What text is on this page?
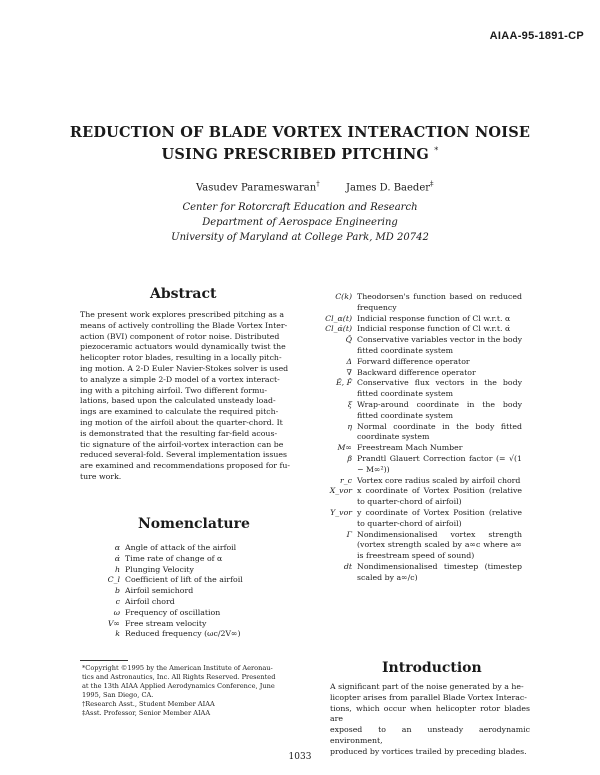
AIAA-95-1891-CP
REDUCTION OF BLADE VORTEX INTERACTION NOISE
USING PRESCRIBED PITCHING *
Vasudev Parameswaran†	James D. Baeder‡
Center for Rotorcraft Education and Research
Department of Aerospace Engineering
University of Maryland at College Park, MD 20742
Abstract
The present work explores prescribed pitching as a
means of actively controlling the Blade Vortex Inter-
action (BVI) component of rotor noise. Distributed
piezoceramic actuators would dynamically twist the
helicopter rotor blades, resulting in a locally pitch-
ing motion. A 2-D Euler Navier-Stokes solver is used
to analyze a simple 2-D model of a vortex interact-
ing with a pitching airfoil. Two different formu-
lations, based upon the calculated unsteady load-
ings are examined to calculate the required pitch-
ing motion of the airfoil about the quarter-chord. It
is demonstrated that the resulting far-field acous-
tic signature of the airfoil-vortex interaction can be
reduced several-fold. Several implementation issues
are examined and recommendations proposed for fu-
ture work.
Nomenclature
α Angle of attack of the airfoil
α̇ Time rate of change of α
h Plunging Velocity
C_l Coefficient of lift of the airfoil
b Airfoil semichord
c Airfoil chord
ω Frequency of oscillation
V∞ Free stream velocity
k Reduced frequency (ωc/2V∞)
*Copyright ©1995 by the American Institute of Aeronau-
tics and Astronautics, Inc. All Rights Reserved. Presented
at the 13th AIAA Applied Aerodynamics Conference, June
1995, San Diego, CA.
†Research Asst., Student Member AIAA
‡Asst. Professor, Senior Member AIAA
C(k) Theodorsen's function based on reduced frequency
Cl_α(t) Indicial response function of Cl w.r.t. α
Cl_α̇(t) Indicial response function of Cl w.r.t. α̇
Q̂ Conservative variables vector in the body fitted coordinate system
Δ Forward difference operator
∇ Backward difference operator
Ê, F̂ Conservative flux vectors in the body fitted coordinate system
ξ Wrap-around coordinate in the body fitted coordinate system
η Normal coordinate in the body fitted coordinate system
M∞ Freestream Mach Number
β Prandtl Glauert Correction factor (= √(1 − M∞²))
r_c Vortex core radius scaled by airfoil chord
X_vor x coordinate of Vortex Position (relative to quarter-chord of airfoil)
Y_vor y coordinate of Vortex Position (relative to quarter-chord of airfoil)
Γ Nondimensionalised vortex strength (vortex strength scaled by a∞c where a∞ is freestream speed of sound)
dt Nondimensionalised timestep (timestep scaled by a∞/c)
Introduction
A significant part of the noise generated by a he-
licopter arises from parallel Blade Vortex Interac-
tions, which occur when helicopter rotor blades are
exposed to an unsteady aerodynamic environment,
produced by vortices trailed by preceding blades.
1033
